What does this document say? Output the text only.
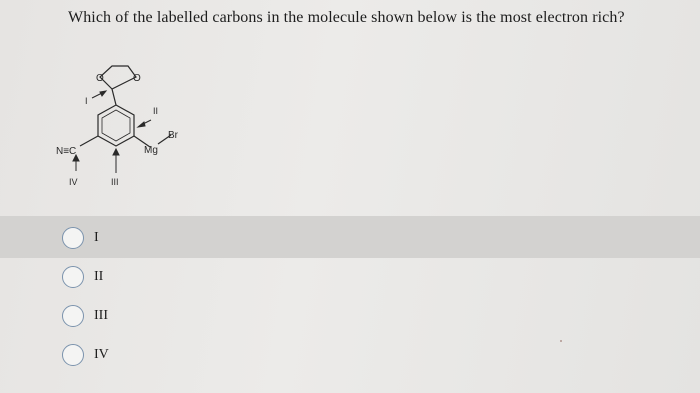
Which of the labelled carbons in the molecule shown below is the most electron rich?
O	O
N≡C	Mg
Br
I
II
III
IV
I
II
III
IV
